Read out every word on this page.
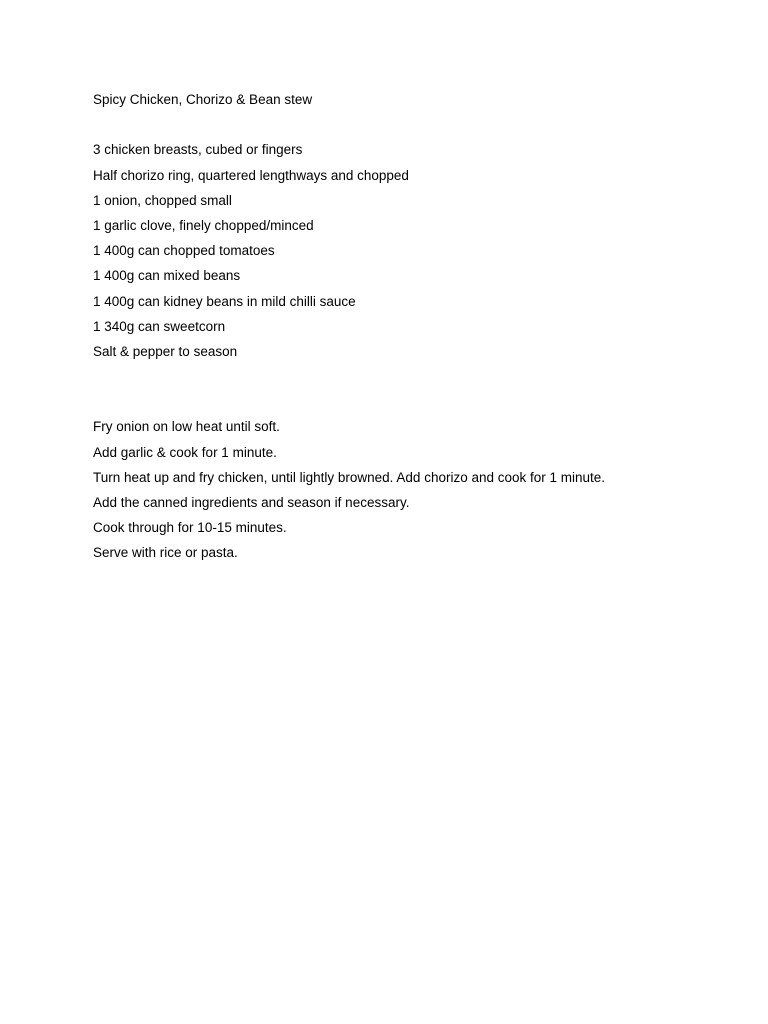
Spicy Chicken, Chorizo & Bean stew
3 chicken breasts, cubed or fingers
Half chorizo ring, quartered lengthways and chopped
1 onion, chopped small
1 garlic clove, finely chopped/minced
1 400g can chopped tomatoes
1 400g can mixed beans
1 400g can kidney beans in mild chilli sauce
1 340g can sweetcorn
Salt & pepper to season
Fry onion on low heat until soft.
Add garlic & cook for 1 minute.
Turn heat up and fry chicken, until lightly browned. Add chorizo and cook for 1 minute.
Add the canned ingredients and season if necessary.
Cook through for 10-15 minutes.
Serve with rice or pasta.
